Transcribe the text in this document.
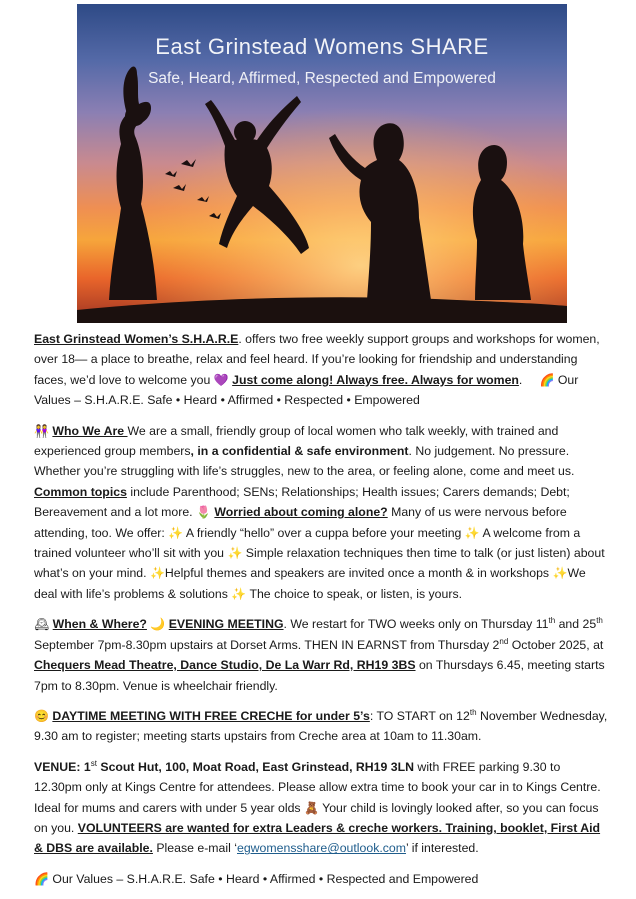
East Grinstead Womens SHARE
Safe, Heard, Affirmed, Respected and Empowered

East Grinstead Women’s S.H.A.R.E. offers two free weekly support groups and workshops for women, over 18— a place to breathe, relax and feel heard. If you’re looking for friendship and understanding faces, we’d love to welcome you 💜 Just come along! Always free. Always for women. 🌈 Our Values – S.H.A.R.E. Safe • Heard • Affirmed • Respected • Empowered

👭 Who We Are We are a small, friendly group of local women who talk weekly, with trained and experienced group members, in a confidential & safe environment. No judgement. No pressure. Whether you’re struggling with life’s struggles, new to the area, or feeling alone, come and meet us. Common topics include Parenthood; SENs; Relationships; Health issues; Carers demands; Debt; Bereavement and a lot more. 🌷 Worried about coming alone? Many of us were nervous before attending, too. We offer: ✨ A friendly “hello” over a cuppa before your meeting ✨ A welcome from a trained volunteer who’ll sit with you ✨ Simple relaxation techniques then time to talk (or just listen) about what’s on your mind. ✨Helpful themes and speakers are invited once a month & in workshops ✨We deal with life’s problems & solutions ✨ The choice to speak, or listen, is yours.

🕰 When & Where? 🌙 EVENING MEETING. We restart for TWO weeks only on Thursday 11th and 25th September 7pm-8.30pm upstairs at Dorset Arms. THEN IN EARNST from Thursday 2nd October 2025, at Chequers Mead Theatre, Dance Studio, De La Warr Rd, RH19 3BS on Thursdays 6.45, meeting starts 7pm to 8.30pm. Venue is wheelchair friendly.

😊 DAYTIME MEETING WITH FREE CRECHE for under 5’s: TO START on 12th November Wednesday, 9.30 am to register; meeting starts upstairs from Creche area at 10am to 11.30am.

VENUE: 1st Scout Hut, 100, Moat Road, East Grinstead, RH19 3LN with FREE parking 9.30 to 12.30pm only at Kings Centre for attendees. Please allow extra time to book your car in to Kings Centre. Ideal for mums and carers with under 5 year olds 🧸 Your child is lovingly looked after, so you can focus on you. VOLUNTEERS are wanted for extra Leaders & creche workers. Training, booklet, First Aid & DBS are available. Please e-mail ‘egwomensshare@outlook.com’ if interested.

🌈 Our Values – S.H.A.R.E. Safe • Heard • Affirmed • Respected and Empowered
